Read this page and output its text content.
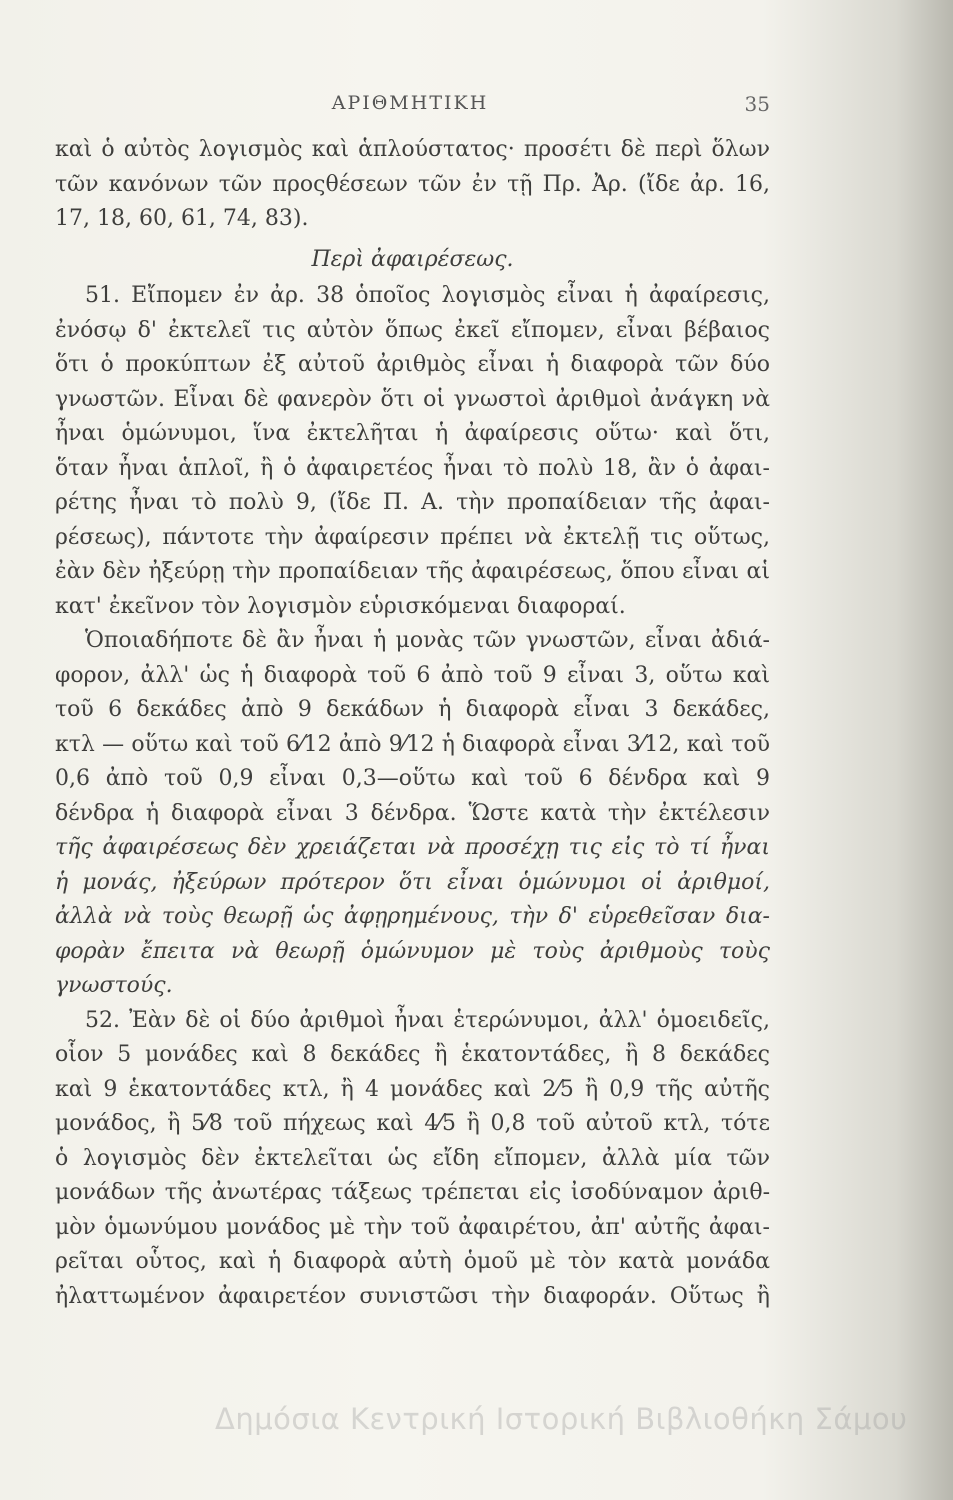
ΑΡΙΘΜΗΤΙΚΗ	35

καὶ ὁ αὐτὸς λογισμὸς καὶ ἁπλούστατος· προσέτι δὲ περὶ ὅλων
τῶν κανόνων τῶν προςθέσεων τῶν ἐν τῇ Πρ. Ἀρ. (ἴδε ἀρ. 16,
17, 18, 60, 61, 74, 83).

Περὶ ἀφαιρέσεως.

51. Εἴπομεν ἐν ἀρ. 38 ὁποῖος λογισμὸς εἶναι ἡ ἀφαίρεσις,
ἐνόσῳ δ' ἐκτελεῖ τις αὐτὸν ὅπως ἐκεῖ εἴπομεν, εἶναι βέβαιος
ὅτι ὁ προκύπτων ἐξ αὐτοῦ ἀριθμὸς εἶναι ἡ διαφορὰ τῶν δύο
γνωστῶν. Εἶναι δὲ φανερὸν ὅτι οἱ γνωστοὶ ἀριθμοὶ ἀνάγκη νὰ
ἦναι ὁμώνυμοι, ἵνα ἐκτελῆται ἡ ἀφαίρεσις οὕτω· καὶ ὅτι,
ὅταν ἦναι ἁπλοῖ, ἢ ὁ ἀφαιρετέος ἦναι τὸ πολὺ 18, ἂν ὁ ἀφαι-
ρέτης ἦναι τὸ πολὺ 9, (ἴδε Π. Α. τὴν προπαίδειαν τῆς ἀφαι-
ρέσεως), πάντοτε τὴν ἀφαίρεσιν πρέπει νὰ ἐκτελῇ τις οὕτως,
ἐὰν δὲν ἠξεύρῃ τὴν προπαίδειαν τῆς ἀφαιρέσεως, ὅπου εἶναι αἱ
κατ' ἐκεῖνον τὸν λογισμὸν εὑρισκόμεναι διαφοραί.

Ὁποιαδήποτε δὲ ἂν ἦναι ἡ μονὰς τῶν γνωστῶν, εἶναι ἀδιά-
φορον, ἀλλ' ὡς ἡ διαφορὰ τοῦ 6 ἀπὸ τοῦ 9 εἶναι 3, οὕτω καὶ
τοῦ 6 δεκάδες ἀπὸ 9 δεκάδων ἡ διαφορὰ εἶναι 3 δεκάδες,
κτλ — οὕτω καὶ τοῦ 6⁄12 ἀπὸ 9⁄12 ἡ διαφορὰ εἶναι 3⁄12, καὶ τοῦ
0,6 ἀπὸ τοῦ 0,9 εἶναι 0,3—οὕτω καὶ τοῦ 6 δένδρα καὶ 9
δένδρα ἡ διαφορὰ εἶναι 3 δένδρα. Ὥστε κατὰ τὴν ἐκτέλεσιν
τῆς ἀφαιρέσεως δὲν χρειάζεται νὰ προσέχῃ τις εἰς τὸ τί ἦναι
ἡ μονάς, ἠξεύρων πρότερον ὅτι εἶναι ὁμώνυμοι οἱ ἀριθμοί,
ἀλλὰ νὰ τοὺς θεωρῇ ὡς ἀφῃρημένους, τὴν δ' εὑρεθεῖσαν δια-
φορὰν ἔπειτα νὰ θεωρῇ ὁμώνυμον μὲ τοὺς ἀριθμοὺς τοὺς
γνωστούς.

52. Ἐὰν δὲ οἱ δύο ἀριθμοὶ ἦναι ἑτερώνυμοι, ἀλλ' ὁμοειδεῖς,
οἷον 5 μονάδες καὶ 8 δεκάδες ἢ ἑκατοντάδες, ἢ 8 δεκάδες
καὶ 9 ἑκατοντάδες κτλ, ἢ 4 μονάδες καὶ 2⁄5 ἢ 0,9 τῆς αὐτῆς
μονάδος, ἢ 5⁄8 τοῦ πήχεως καὶ 4⁄5 ἢ 0,8 τοῦ αὐτοῦ κτλ, τότε
ὁ λογισμὸς δὲν ἐκτελεῖται ὡς εἴδη εἴπομεν, ἀλλὰ μία τῶν
μονάδων τῆς ἀνωτέρας τάξεως τρέπεται εἰς ἰσοδύναμον ἀριθ-
μὸν ὁμωνύμου μονάδος μὲ τὴν τοῦ ἀφαιρέτου, ἀπ' αὐτῆς ἀφαι-
ρεῖται οὗτος, καὶ ἡ διαφορὰ αὐτὴ ὁμοῦ μὲ τὸν κατὰ μονάδα
ἠλαττωμένον ἀφαιρετέον συνιστῶσι τὴν διαφοράν. Οὕτως ἢ

Δημόσια Κεντρική Ιστορική Βιβλιοθήκη Σάμου
